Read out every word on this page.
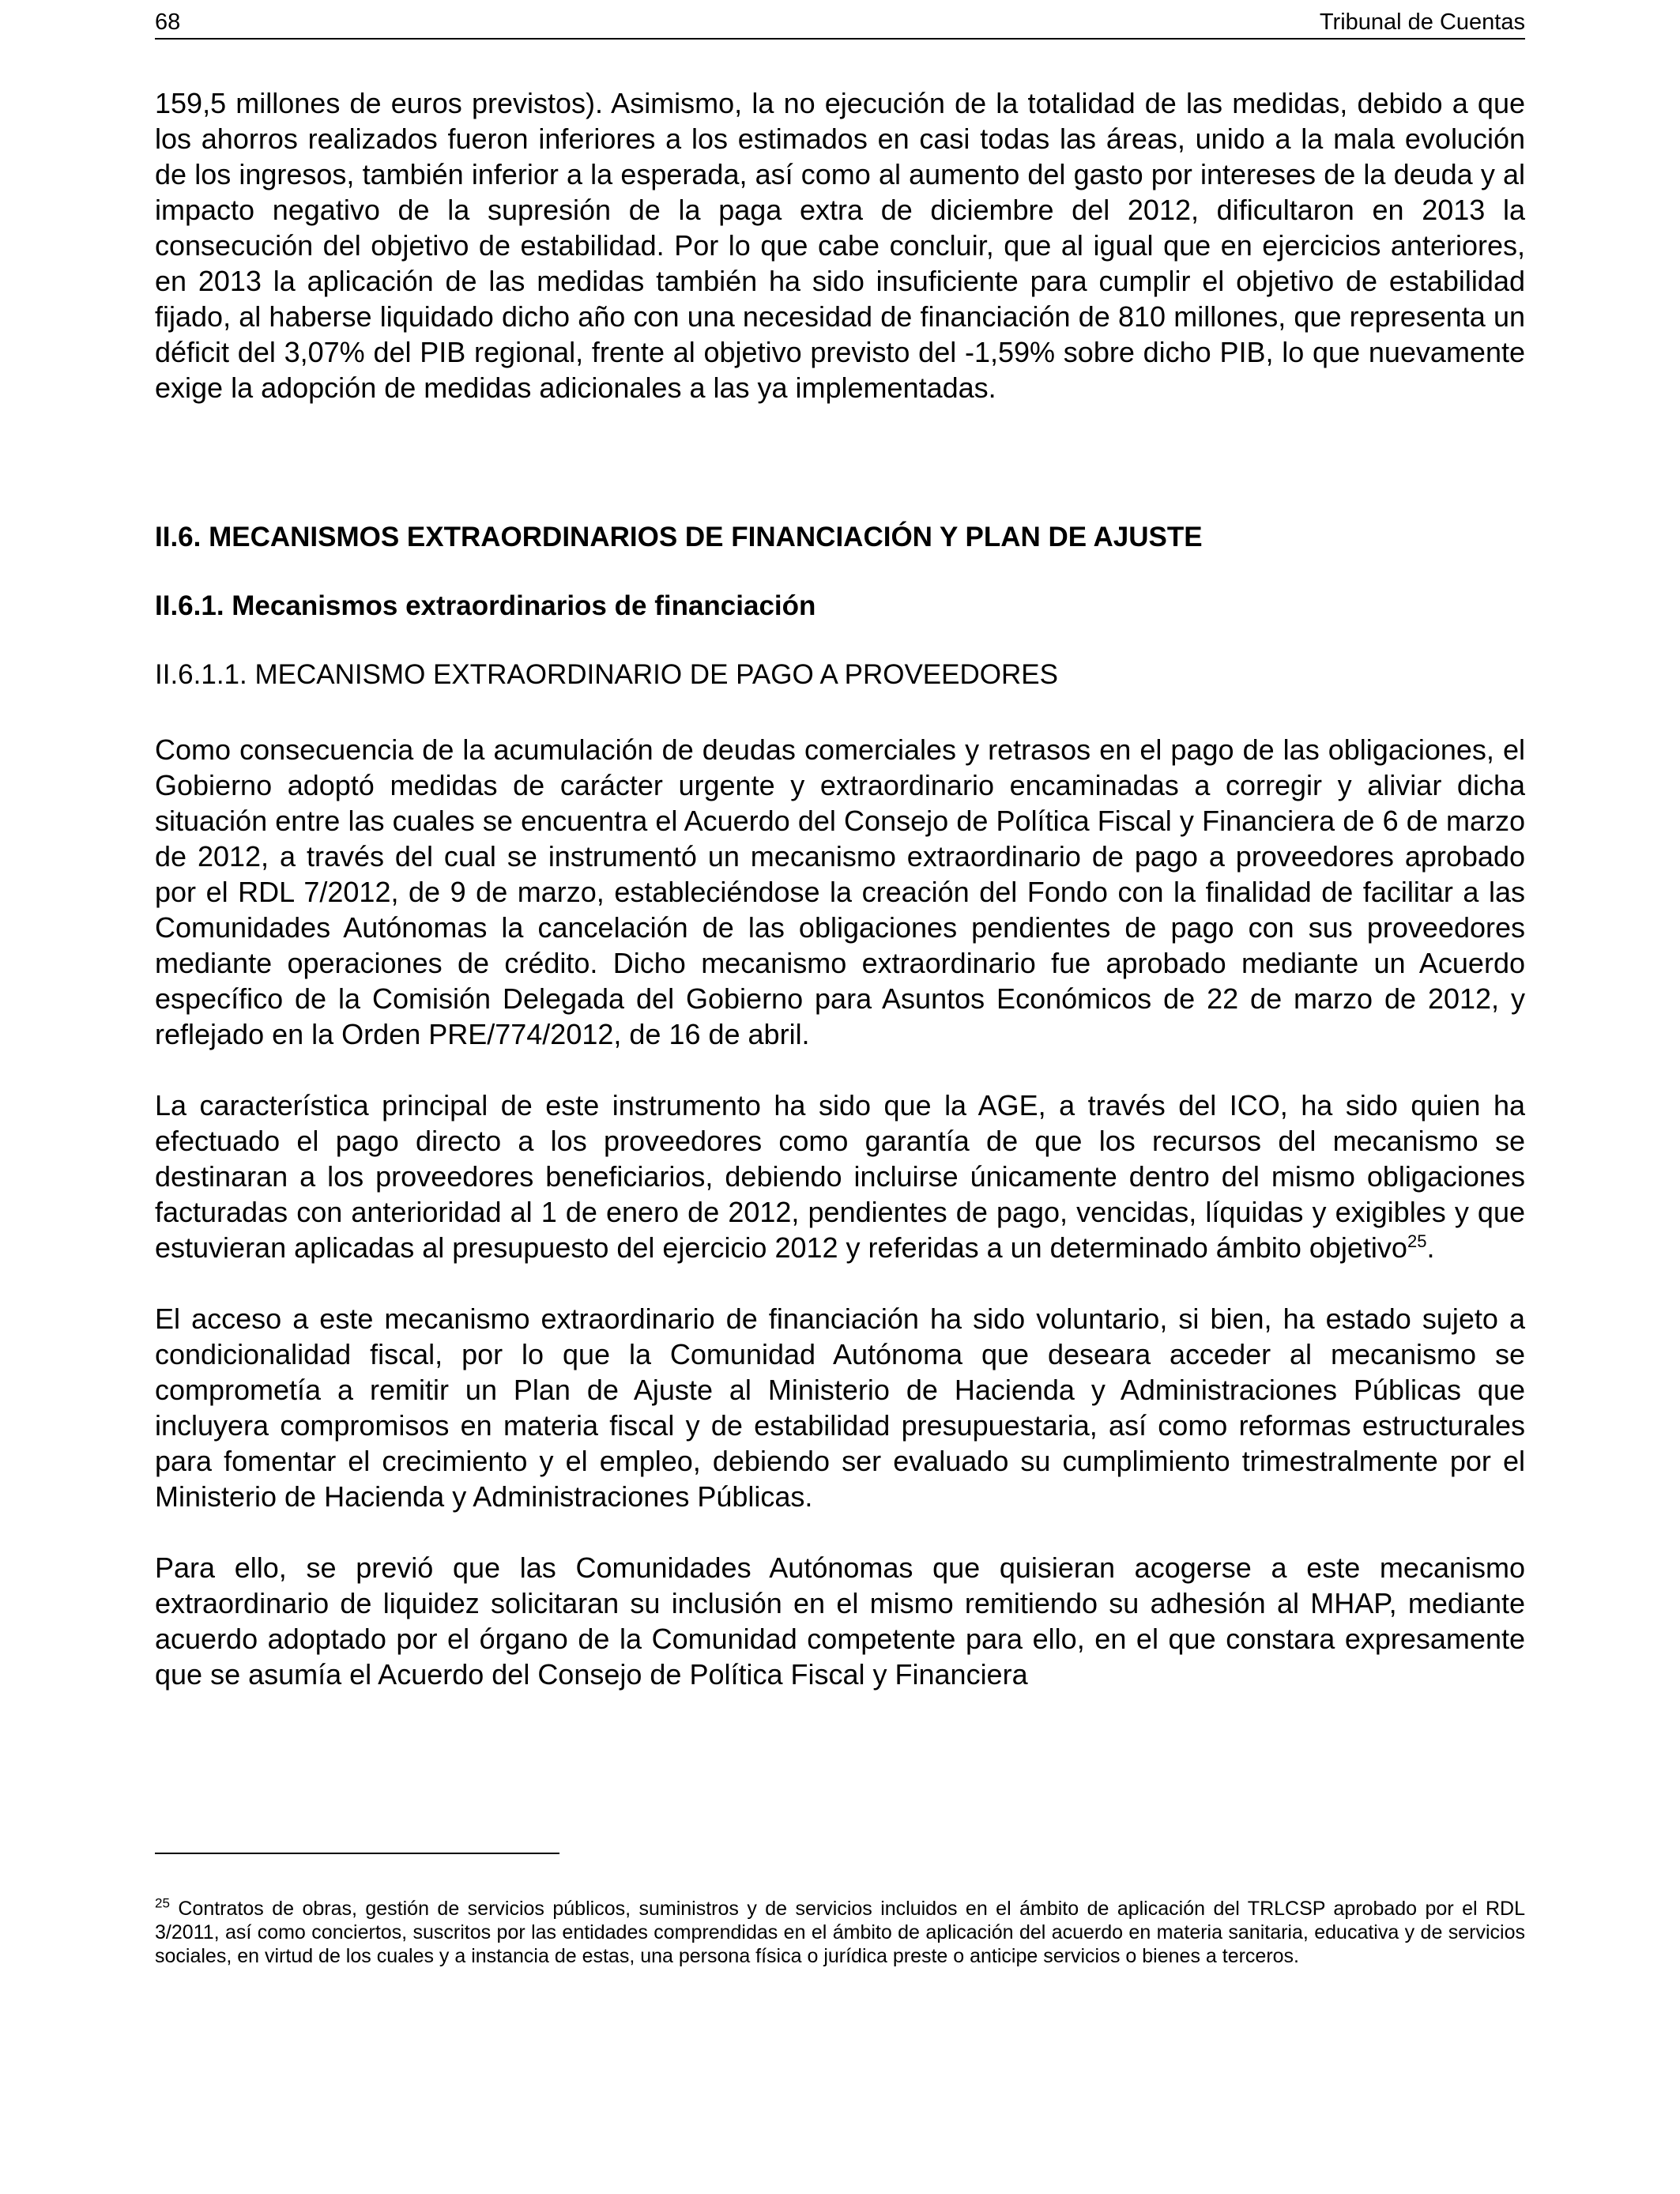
68	Tribunal de Cuentas

159,5 millones de euros previstos). Asimismo, la no ejecución de la totalidad de las medidas, debido a que los ahorros realizados fueron inferiores a los estimados en casi todas las áreas, unido a la mala evolución de los ingresos, también inferior a la esperada, así como al aumento del gasto por intereses de la deuda y al impacto negativo de la supresión de la paga extra de diciembre del 2012, dificultaron en 2013 la consecución del objetivo de estabilidad. Por lo que cabe concluir, que al igual que en ejercicios anteriores, en 2013 la aplicación de las medidas también ha sido insuficiente para cumplir el objetivo de estabilidad fijado, al haberse liquidado dicho año con una necesidad de financiación de 810 millones, que representa un déficit del 3,07% del PIB regional, frente al objetivo previsto del -1,59% sobre dicho PIB, lo que nuevamente exige la adopción de medidas adicionales a las ya implementadas.

II.6. MECANISMOS EXTRAORDINARIOS DE FINANCIACIÓN Y PLAN DE AJUSTE
II.6.1. Mecanismos extraordinarios de financiación
II.6.1.1. MECANISMO EXTRAORDINARIO DE PAGO A PROVEEDORES

Como consecuencia de la acumulación de deudas comerciales y retrasos en el pago de las obligaciones, el Gobierno adoptó medidas de carácter urgente y extraordinario encaminadas a corregir y aliviar dicha situación entre las cuales se encuentra el Acuerdo del Consejo de Política Fiscal y Financiera de 6 de marzo de 2012, a través del cual se instrumentó un mecanismo extraordinario de pago a proveedores aprobado por el RDL 7/2012, de 9 de marzo, estableciéndose la creación del Fondo con la finalidad de facilitar a las Comunidades Autónomas la cancelación de las obligaciones pendientes de pago con sus proveedores mediante operaciones de crédito. Dicho mecanismo extraordinario fue aprobado mediante un Acuerdo específico de la Comisión Delegada del Gobierno para Asuntos Económicos de 22 de marzo de 2012, y reflejado en la Orden PRE/774/2012, de 16 de abril.

La característica principal de este instrumento ha sido que la AGE, a través del ICO, ha sido quien ha efectuado el pago directo a los proveedores como garantía de que los recursos del mecanismo se destinaran a los proveedores beneficiarios, debiendo incluirse únicamente dentro del mismo obligaciones facturadas con anterioridad al 1 de enero de 2012, pendientes de pago, vencidas, líquidas y exigibles y que estuvieran aplicadas al presupuesto del ejercicio 2012 y referidas a un determinado ámbito objetivo$^{25}$.

El acceso a este mecanismo extraordinario de financiación ha sido voluntario, si bien, ha estado sujeto a condicionalidad fiscal, por lo que la Comunidad Autónoma que deseara acceder al mecanismo se comprometía a remitir un Plan de Ajuste al Ministerio de Hacienda y Administraciones Públicas que incluyera compromisos en materia fiscal y de estabilidad presupuestaria, así como reformas estructurales para fomentar el crecimiento y el empleo, debiendo ser evaluado su cumplimiento trimestralmente por el Ministerio de Hacienda y Administraciones Públicas.

Para ello, se previó que las Comunidades Autónomas que quisieran acogerse a este mecanismo extraordinario de liquidez solicitaran su inclusión en el mismo remitiendo su adhesión al MHAP, mediante acuerdo adoptado por el órgano de la Comunidad competente para ello, en el que constara expresamente que se asumía el Acuerdo del Consejo de Política Fiscal y Financiera

$^{25}$ Contratos de obras, gestión de servicios públicos, suministros y de servicios incluidos en el ámbito de aplicación del TRLCSP aprobado por el RDL 3/2011, así como conciertos, suscritos por las entidades comprendidas en el ámbito de aplicación del acuerdo en materia sanitaria, educativa y de servicios sociales, en virtud de los cuales y a instancia de estas, una persona física o jurídica preste o anticipe servicios o bienes a terceros.
